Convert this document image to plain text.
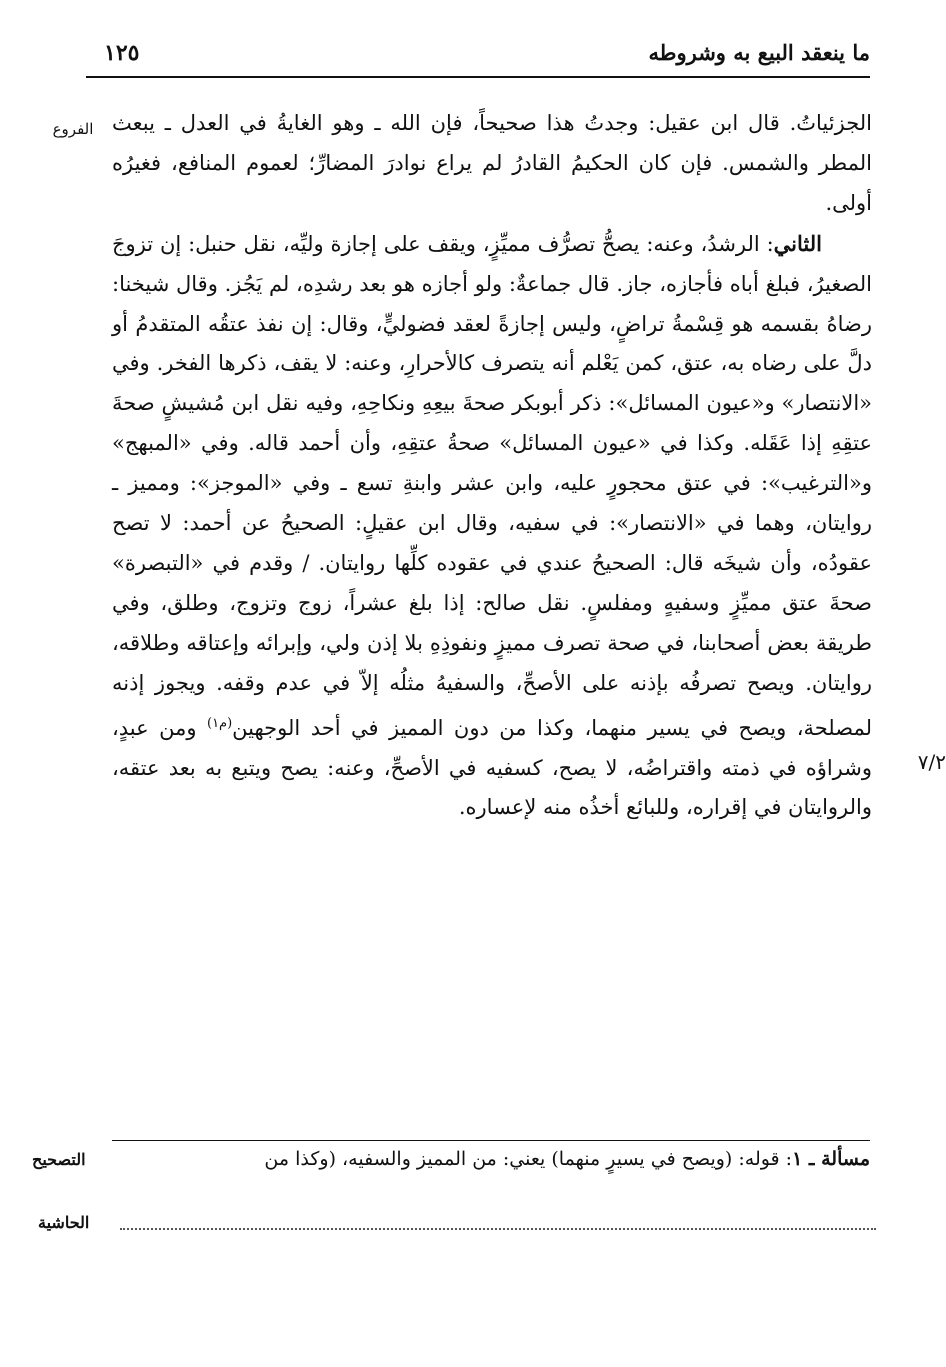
ما ينعقد البيع به وشروطه
١٢٥
الفروع
٧/٢

الجزئياتُ. قال ابن عقيل: وجدتُ هذا صحيحاً، فإن الله ـ وهو الغايةُ في العدل ـ يبعث المطر والشمس. فإن كان الحكيمُ القادرُ لم يراع نوادرَ المضارِّ؛ لعموم المنافع، فغيرُه أولى.

الثاني: الرشدُ، وعنه: يصحُّ تصرُّف مميِّزٍ، ويقف على إجازة وليِّه، نقل حنبل: إن تزوجَ الصغيرُ، فبلغ أباه فأجازه، جاز. قال جماعةٌ: ولو أجازه هو بعد رشدِه، لم يَجُز. وقال شيخنا: رضاهُ بقسمه هو قِسْمةُ تراضٍ، وليس إجازةً لعقد فضوليٍّ، وقال: إن نفذ عتقُه المتقدمُ أو دلَّ على رضاه به، عتق، كمن يَعْلم أنه يتصرف كالأحرارِ، وعنه: لا يقف، ذكرها الفخر. وفي «الانتصار» و«عيون المسائل»: ذكر أبوبكر صحةَ بيعِهِ ونكاحِهِ، وفيه نقل ابن مُشيشٍ صحةَ عتقِهِ إذا عَقَله. وكذا في «عيون المسائل» صحةُ عتقِهِ، وأن أحمد قاله. وفي «المبهج» و«الترغيب»: في عتق محجورٍ عليه، وابن عشر وابنةِ تسع ـ وفي «الموجز»: ومميز ـ روايتان، وهما في «الانتصار»: في سفيه، وقال ابن عقيلٍ: الصحيحُ عن أحمد: لا تصح عقودُه، وأن شيخَه قال: الصحيحُ عندي في عقوده كلِّها روايتان. / وقدم في «التبصرة» صحةَ عتق مميِّزٍ وسفيهٍ ومفلسٍ. نقل صالح: إذا بلغ عشراً، زوج وتزوج، وطلق، وفي طريقة بعض أصحابنا، في صحة تصرف مميزٍ ونفوذِهِ بلا إذن ولي، وإبرائه وإعتاقه وطلاقه، روايتان. ويصح تصرفُه بإذنه على الأصحِّ، والسفيهُ مثلُه إلاّ في عدم وقفه. ويجوز إذنه لمصلحة، ويصح في يسير منهما، وكذا من دون المميز في أحد الوجهين$^{(م١)}$ ومن عبدٍ، وشراؤه في ذمته واقتراضُه، لا يصح، كسفيه في الأصحِّ، وعنه: يصح ويتبع به بعد عتقه، والروايتان في إقراره، وللبائع أخذُه منه لإعساره.

مسألة ـ ١: قوله: (ويصح في يسيرٍ منهما) يعني: من المميز والسفيه، (وكذا من
التصحيح
الحاشية
